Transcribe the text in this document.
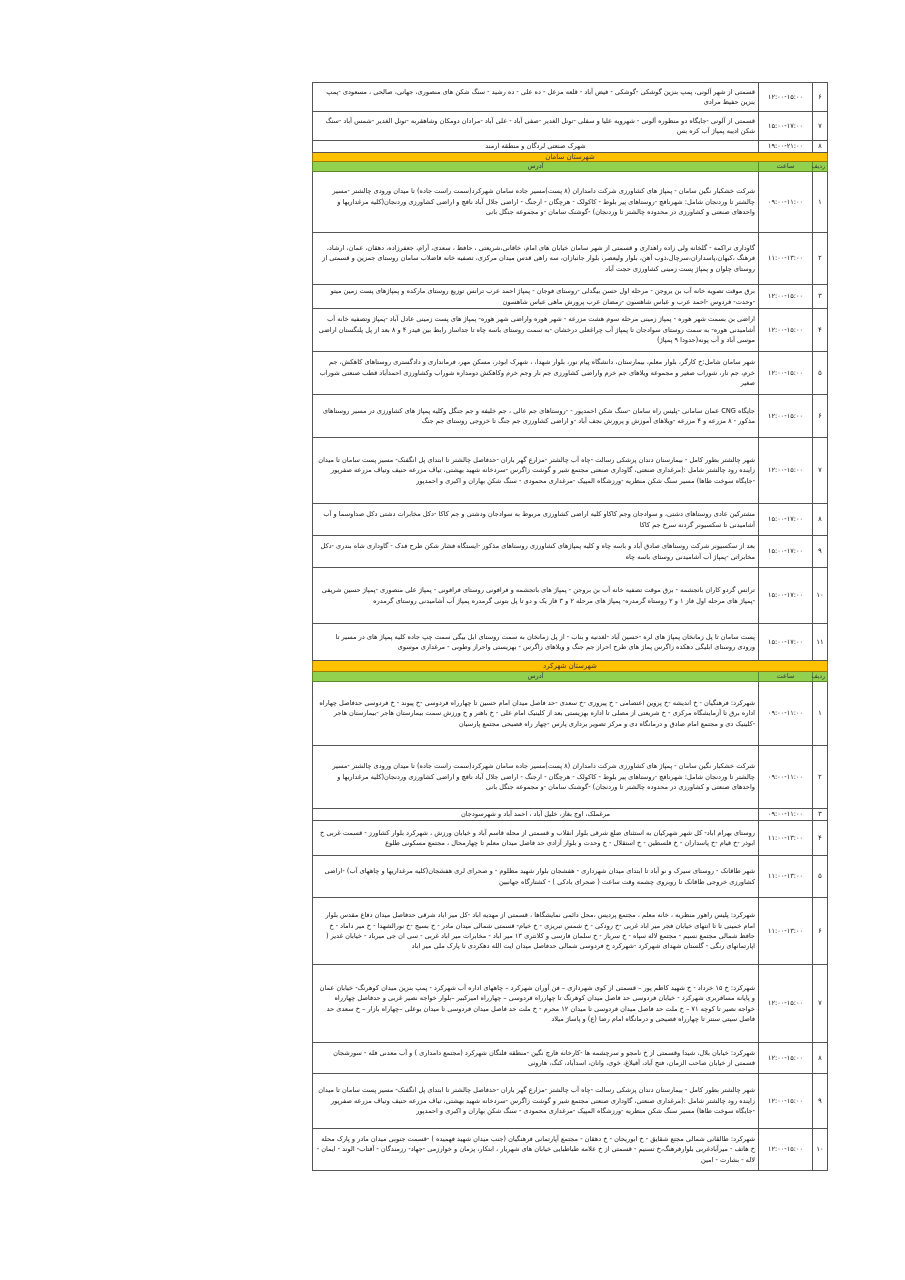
۶	۱۲:۰۰-۱۵:۰۰	قسمتی از شهر آلونی، پمپ بنزین گوشکی -گوشکی - فیض آباد - قلعه مزعل - ده علی - ده رشید - سنگ شکن های منصوری، جهانی، صالحی ، مسعودی -پمپ بنزین حفیظ مرادی
۷	۱۵:۰۰-۱۷:۰۰	قسمتی از آلونی -جایگاه دو منظوره آلونی - شهرویه علیا و سفلی -تونل الغدیر -صفی آباد - علی آباد -مرادان دومکان وشاهقربه -تونل الغدیر -شمس آباد -سنگ شکن ادیبه پمپاژ آب کره بس
۸	۱۹:۰۰-۲۱:۰۰	شهرک صنعتی لردگان و منطقه ارمند
شهرستان سامان		
ردیف	ساعت	آدرس
۱	۰۹:۰۰-۱۱:۰۰	شرکت خشکبار نگین سامان - پمپاژ های کشاورزی شرکت دامداران (۸ پست)مسیر جاده سامان شهرکرد(سمت راست جاده) تا میدان ورودی چالشتر -مسیر چالشتر تا وردنجان شامل: شهرنافچ -روستاهای پیر بلوط - کاکولک - هرچگان - ارجنگ - اراضی جلال آباد نافچ و اراضی کشاورزی وردنجان(کلیه مرغداریها و واحدهای صنعتی و کشاورزی در محدوده چالشتر تا وردنجان) -گوشنک سامان -و مجموعه جنگل بانی
۲	۱۱:۰۰-۱۳:۰۰	گاوداری تراکمه - گلخانه ولی زاده راهداری و قسمتی از شهر سامان خیابان های امام، خاقانی،شریعتی ، حافظ ، سعدی، آرام، جعفرزاده، دهقان، عمان، ارشاد، فرهنگ ،کیهان،پاسداران،سرچال،ذوب آهن، بلوار ولیعصر، بلوار جانبازان، سه راهی قدس میدان مرکزی، تصفیه خانه فاضلاب سامان روستای جمزین و قسمتی از روستای چلوان و پمپاژ پست زمینی کشاورزی حجت آباد
۳	۱۲:۰۰-۱۵:۰۰	برق موقت تصویه خانه آب بن بروجن - مرحله اول حسن بیگدلی -روستای فوجان - پمپاژ احمد عرب ترانس توزیع روستای مارکده و پمپاژهای پست زمین میتو -وحدت- فردوس -احمد عرب و عباس شاهسون -رمضان عرب پرورش ماهی عباس شاهسون
۴	۱۲:۰۰-۱۵:۰۰	اراضی بن بسمت شهر هوره - پمپاژ زمینی مرحله سوم هشت مزرعه - شهر هوره واراضی شهر هوره- پمپاژ های پست زمینی عادل آباد -پمپاژ وتصفیه خانه آب آشامیدنی هوره- به سمت روستای سوادجان تا پمپاژ آب چراغعلی درخشان -به سمت روستای باسه چاه تا جداساز رابط بین فیدر ۴ و ۸ بعد از پل پلنگستان اراضی موسی آباد و آب پونه(حدودا ۹ پمپاژ)
۵	۱۲:۰۰-۱۵:۰۰	شهر سامان شامل:خ کارگر، بلوار معلم، بیمارستان، دانشگاه پیام نور، بلوار شهدا، ، شهرک ابوذر، مسکن مهر، فرمانداری و دادگستری روستاهای کاهکش، جم خرم، جم نار، شوراب صغیر و مجموعه ویلاهای جم خرم واراضی کشاورزی جم نار وجم خرم وکاهکش دومداره شوراب وکشاورزی احمدآباد قطب صنعتی شوراب صغیر
۶	۱۲:۰۰-۱۵:۰۰	جایگاه CNG عمان سامانی -پلیس راه سامان -سنگ شکن احمدپور - -روستاهای جم عالی ، جم خلیفه و جم جنگل وکلیه پمپاژ های کشاورزی در مسیر روستاهای مذکور - ۸ مزرعه و ۴ مزرعه -ویلاهای آموزش و پرورش نجف آباد -و اراضی کشاورزی جم جنگ تا خروجی روستای جم جنگ
۷	۱۲:۰۰-۱۵:۰۰	شهر چالشتر بطور کامل - بیمارستان دندان پزشکی رسالت -چاه آب چالشتر -مزارع گهر باران -حدفاصل چالشتر تا ابتدای پل انگفنک- مسیر پست سامان تا میدان زاینده رود چالشتر شامل :(مرغداری صنعتی، گاوداری صنعتی مجتمع شیر و گوشت زاگرس -سردخانه شهید بهشتی، تیاف مزرعه حنیف وتیاف مزرعه صفرپور -جایگاه سوخت طاها) مسیر سنگ شکن منظریه -ورزشگاه المپیک -مرغداری محمودی - سنگ شکن بهاران و اکبری و احمدپور
۸	۱۵:۰۰-۱۷:۰۰	مشترکین عادی روستاهای دشتی، و سوادجان وجم کاکاو کلیه اراضی کشاورزی مربوط به سوادجان ودشتی و جم کاکا -دکل مخابرات دشتی دکل صداوسما و آب آشامیدنی تا سکسیونر گردنه سرخ جم کاکا
۹	۱۵:۰۰-۱۷:۰۰	بعد از سکسیونر شرکت روستاهای صادق آباد و باسه چاه و کلیه پمپاژهای کشاورزی روستاهای مذکور -ایستگاه فشار شکن طرح فدک - گاوداری شاه بندری -دکل مخابراتی -پمپاژ آب آشامیدنی روستای باسه چاه
۱۰	۱۵:۰۰-۱۷:۰۰	ترانس گردو کاران باتجشمه - برق موقت تصفیه خانه آب بن بروجن - پمپاژ های باتجشمه و فرافونی روستای فرافونی - پمپاژ علی منصوری -پمپاژ حسین شریفی -پمپاژ های مرحله اول فاز ۱ و ۲ روستاه گرمدره- پمپاژ های مرحله ۲ و ۳ فاز یک و دو تا پل بتونی گرمدره پمپاژ آب آشامیدنی روستای گرمدره
۱۱	۱۵:۰۰-۱۷:۰۰	پست سامان تا پل زمانخان پمپاژ های لره -حسین آباد -لغدنیه و بناب - از پل زمانخان به سمت روستای ابل بیگی سمت چپ جاده کلیه پمپاژ های در مسیر تا ورودی روستای ابلیگی دهکده زاگرس پماژ های طرح احراز جم جنگ و ویلاهای زاگرس - بهزیستی واحراز وطوبی - مرغداری موسوی
شهرستان شهرکرد		
ردیف	ساعت	آدرس
۱	۰۹:۰۰-۱۱:۰۰	شهرکرد: فرهنگیان - خ اندیشه -خ پروین اعتصامی - خ پیروزی -خ سعدی -حد فاصل میدان امام حسین تا چهارراه فردوسی -خ پیوند - خ فردوسی حدفاصل چهاراه اداره برق تا آزمایشگاه مرکزی - خ شریعتی از مصلی تا اداره بهزیستی بعد از کلینیک امام علی - خ باهنر و خ ورزش سمت بیمارستان هاجر -بیمارستان هاجر -کلینیک دی و مجتمع امام صادق و درمانگاه دی و مرکز تصویر برداری پارس -چهار راه فصیحی مجتمع پارسیان
۲	۰۹:۰۰-۱۱:۰۰	شرکت خشکبار نگین سامان - پمپاژ های کشاورزی شرکت دامداران (۸ پست)مسیر جاده سامان شهرکرد(سمت راست جاده) تا میدان ورودی چالشتر -مسیر چالشتر تا وردنجان شامل: شهرنافچ -روستاهای پیر بلوط - کاکولک - هرچگان - ارجنگ - اراضی جلال آباد نافچ و اراضی کشاورزی وردنجان(کلیه مرغداریها و واحدهای صنعتی و کشاورزی در محدوده چالشتر تا وردنجان) -گوشنک سامان -و مجموعه جنگل بانی
۳	۰۹:۰۰-۱۱:۰۰	مرغملک، اوج بغاز، خلیل آباد ، احمد آباد و شهرسودجان
۴	۱۱:۰۰-۱۳:۰۰	روستای بهرام اباد- کل شهر شهرکیان به استثنای ضلع شرقی بلوار انقلاب و قسمتی از محله قاسم آباد و خیابان ورزش ، شهرکرد بلوار کشاورز - قسمت غربی خ ابوذر -خ قیام -خ پاسداران - خ فلسطین - خ استقلال - خ وحدت و بلوار آزادی حد فاصل میدان معلم تا چهارمحال ، مجتمع مسکونی طلوع
۵	۱۱:۰۰-۱۳:۰۰	شهر طاقانک - روستای سیرک و نو آباد تا ابتدای میدان شهرداری - هفشجان بلوار شهید مظلوم - و صحرای لری هفشجان(کلیه مرغداریها و چاههای آب) -اراضی کشاورزی خروجی طاقانک تا روبروی چشمه وقت ساعت ( صحرای بادکی ) - کشتارگاه جهانبین
۶	۱۱:۰۰-۱۳:۰۰	شهرکرد: پلیس راهور منظریه ، خانه معلم ، مجتمع پردیس ،محل دائمی نمایشگاها ، قسمتی از مهدیه اباد -کل میر اباد شرقی حدفاصل میدان دفاع مقدس بلوار امام خمینی تا تا انتهای خیابان فجر میر اباد غربی -خ رودکی - خ شمس تبریزی - خ خیام- قسمتی شمالی میدان مادر - خ بسیج -خ نورالشهدا - خ میر داماد - خ حافظ شمالی مجتمع نسیم - مجتمع لاله سپاه - خ سرباز - خ سلمان فارسی و کلانتری ۱۳ میر اباد - مخابرات میر اباد غربی - سی ان جی میرباد - خیابان غدیر ( اپارتمانهای رنگی - گلستان شهدای شهرکرد -شهرکرد خ فردوسی شمالی حدفاصل میدان ایت الله دهکردی تا پارک ملی میر اباد
۷	۱۲:۰۰-۱۵:۰۰	شهرکرد: خ ۱۵ خرداد - خ شهید کاظم پور – قسمتی از کوی شهرداری – فن آوران شهرکرد – چاههای اداره آب شهرکرد - پمپ بنزین میدان کوهرنگ- خیابان عمان و پایانه مسافربری شهرکرد - خیابان فردوسی حد فاصل میدان کوهرنگ تا چهارراه فردوسی – چهارراه امیرکبیر –بلوار خواجه نصیر غربی و حدفاصل چهارراه خواجه نصیر تا کوچه ۷۱ – خ ملت حد فاصل میدان فردوسی تا میدان ۱۲ محرم - خ ملت حد فاصل میدان فردوسی تا میدان بوعلی –چهاراه بازار – خ سعدی حد فاصل سیتی سنتر تا چهارراه فصیحی و درمانگاه امام رضا (ع) و پاساژ میلاد
۸	۱۲:۰۰-۱۵:۰۰	شهرکرد: خیابان بلال، شیدا وقسمتی از خ نامجو و سرچشمه ها -کارخانه فارچ نگین -منطقه فلنگان شهرکرد (مجتمع دامداری ) و آب معدنی فله - سورشجان قسمتی از خیابان صاحب الزمان، فتح آباد، آفیلاغ، خوی، وانان، اسدآباد، کنگ، هارونی
۹	۱۲:۰۰-۱۵:۰۰	شهر چالشتر بطور کامل - بیمارستان دندان پزشکی رسالت -چاه آب چالشتر -مزارع گهر باران -حدفاصل چالشتر تا ابتدای پل انگفنک- مسیر پست سامان تا میدان زاینده رود چالشتر شامل :(مرغداری صنعتی، گاوداری صنعتی مجتمع شیر و گوشت زاگرس -سردخانه شهید بهشتی، تیاف مزرعه حنیف وتیاف مزرعه صفرپور -جایگاه سوخت طاها) مسیر سنگ شکن منظریه -ورزشگاه المپیک -مرغداری محمودی - سنگ شکن بهاران و اکبری و احمدپور
۱۰	۱۲:۰۰-۱۵:۰۰	شهرکرد: طالقانی شمالی مجتع شقایق - خ ابوریحان - خ دهقان - مجتمع آپارتمانی فرهنگیان (جنب میدان شهید فهمیده ) -قسمت جنوبی میدان مادر و پارک محله خ هاتف - میرآبادغربی بلوارفرهنگ،خ تسنیم - قسمتی از خ علامه طباطبایی خیابان های شهریار ، ابتکار، پزمان و خوارزمی -جهاد- رزمندگان - آفتاب- الوند - ایمان - لاله - بشارت - امین
